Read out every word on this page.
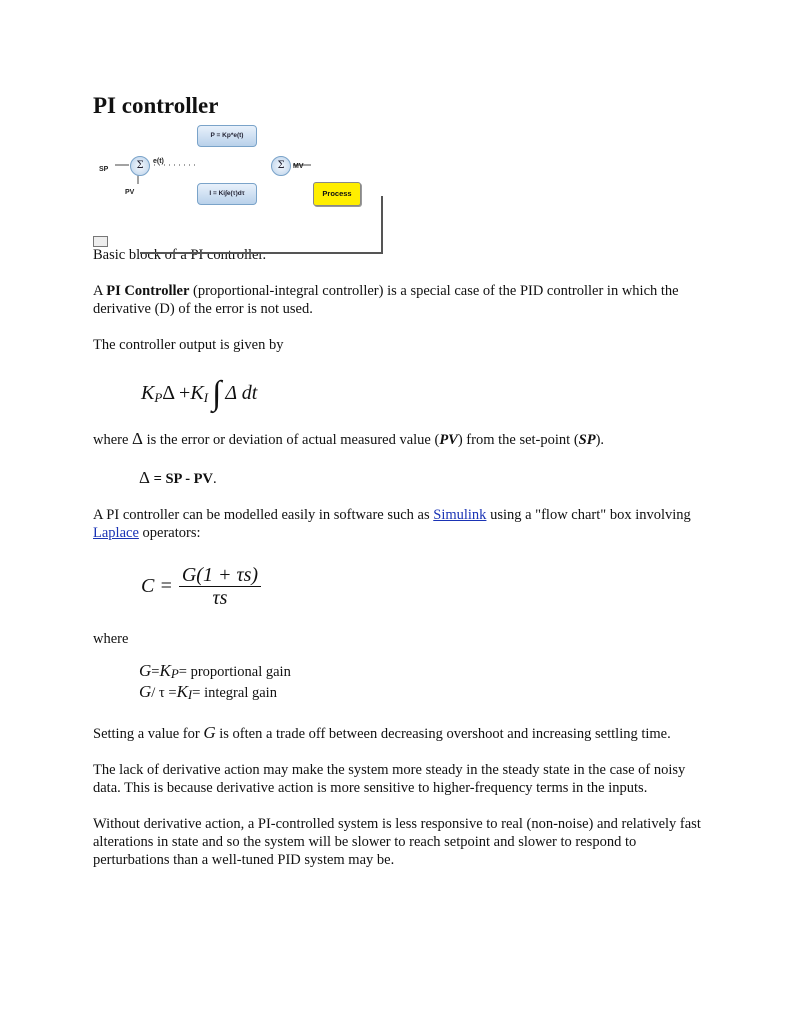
PI controller
SP	Σ e(t)
PV
P = Kp*e(t)
I = Ki∫e(τ)dτ
Σ MV
Process

Basic block of a PI controller.

A PI Controller (proportional-integral controller) is a special case of the PID controller in which the derivative (D) of the error is not used.

The controller output is given by

K P Δ + K I ∫ Δ dt

where Δ is the error or deviation of actual measured value (PV) from the set-point (SP).

Δ = SP - PV.

A PI controller can be modelled easily in software such as Simulink using a "flow chart" box involving Laplace operators:

$C = \frac{G(1 + \tau s)}{\tau s}$

where

G = K P = proportional gain
G / τ = K I = integral gain

Setting a value for G is often a trade off between decreasing overshoot and increasing settling time.

The lack of derivative action may make the system more steady in the steady state in the case of noisy data. This is because derivative action is more sensitive to higher-frequency terms in the inputs.

Without derivative action, a PI-controlled system is less responsive to real (non-noise) and relatively fast alterations in state and so the system will be slower to reach setpoint and slower to respond to perturbations than a well-tuned PID system may be.
